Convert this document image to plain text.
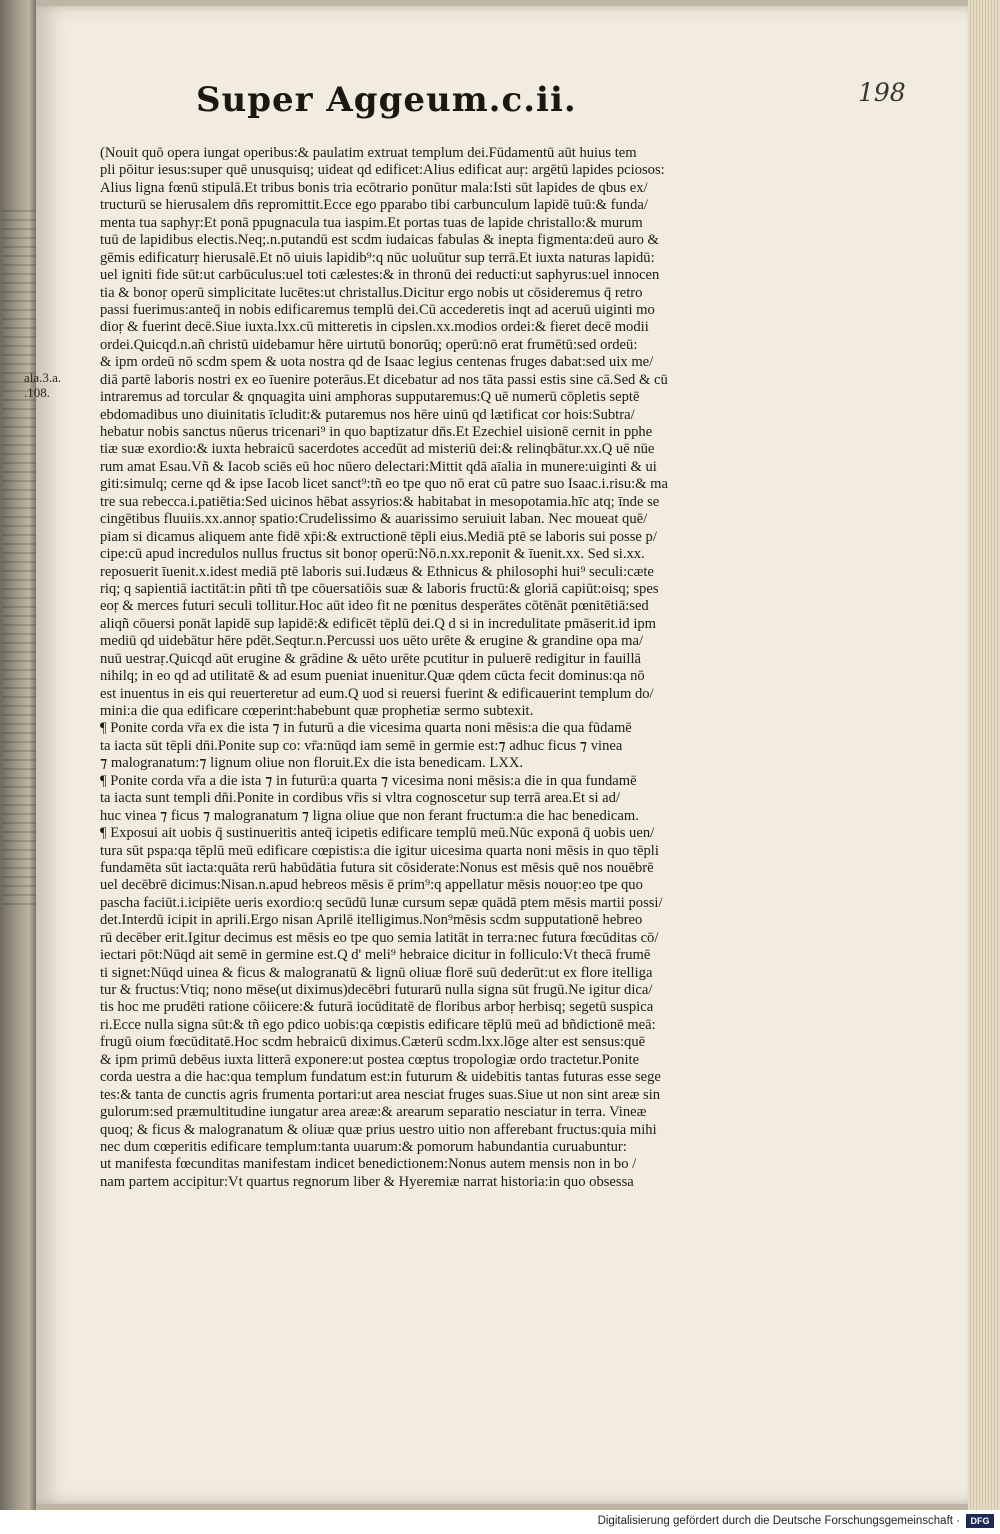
ala.3.a.
.108.
Super Aggeum.c.ii.	198
(Nouit quō opera iungat operibus:& paulatim extruat templum dei.Fūdamentū aūt huius tem
pli pōitur iesus:super quē unusquisq; uideat qd edificet:Alius edificat auṛ: argētū lapides pciosos:
Alius ligna fœnū stipulā.Et tribus bonis tria ecōtrario ponūtur mala:Isti sūt lapides de qbus ex/
tructurū se hierusalem dn̄s repromittit.Ecce ego pparabo tibi carbunculum lapidē tuū:& funda/
menta tua saphyṛ:Et ponā ppugnacula tua iaspim.Et portas tuas de lapide christallo:& murum
tuū de lapidibus electis.Neq;.n.putandū est scdm iudaicas fabulas & inepta figmenta:deū auro &
gēmis edificaturṛ hierusalē.Et nō uiuis lapidib⁹:q nūc uoluūtur sup terrā.Et iuxta naturas lapidū:
uel igniti fide sūt:ut carbūculus:uel toti cælestes:& in thronū dei reducti:ut saphyrus:uel innocen
tia & bonoṛ operū simplicitate lucētes:ut christallus.Dicitur ergo nobis ut cōsideremus q̄ retro
passi fuerimus:anteq̄ in nobis edificaremus templū dei.Cū accederetis inqt ad aceruū uiginti mo
dioṛ & fuerint decē.Siue iuxta.lxx.cū mitteretis in cipslen.xx.modios ordei:& fieret decē modii
ordei.Quicqd.n.añ christū uidebamur hēre uirtutū bonorūq; operū:nō erat frumētū:sed ordeū:
& ipm ordeū nō scdm spem & uota nostra qd̄ de Isaac legius centenas fruges dabat:sed uix me/
diā partē laboris nostri ex eo īuenire poterāus.Et dicebatur ad nos tāta passi estis sine cā.Sed & cū
intraremus ad torcular & qnquagita uini amphoras supputaremus:Q uē numerū cōpletis septē
ebdomadibus uno diuinitatis īcludit:& putaremus nos hēre uinū qd̄ lætificat cor hois:Subtra/
hebatur nobis sanctus nūerus tricenari⁹ in quo baptizatur dn̄s.Et Ezechiel uisionē cernit in pphe
tiæ suæ exordio:& iuxta hebraicū sacerdotes accedūt ad misteriū dei:& relinqbātur.xx.Q uē nūe
rum amat Esau.Vñ & Iacob sciēs eū hoc nūero delectari:Mittit qdā aīalia in munere:uiginti & ui
giti:simulq; cerne qd & ipse Iacob licet sanct⁹:tñ eo tpe quo nō erat cū patre suo Isaac.i.risu:& ma
tre sua rebecca.i.patiētia:Sed uicinos hēbat assyrios:& habitabat in mesopotamia.hīc atq; īnde se
cingētibus fluuiis.xx.annoṛ spatio:Crudelissimo & auarissimo seruiuit laban. Nec moueat quē/
piam si dicamus aliquem ante fidē xp̄i:& extructionē tēpli eius.Mediā ptē se laboris sui posse p/
cipe:cū apud incredulos nullus fructus sit bonoṛ operū:Nō.n.xx.reponit & īuenit.xx. Sed si.xx.
reposuerit īuenit.x.idest mediā ptē laboris sui.Iudæus & Ethnicus & philosophi hui⁹ seculi:cæte
riq; q sapientiā iactitāt:in pñti tñ tpe cōuersatiōis suæ & laboris fructū:& gloriā capiūt:oisq; spes
eoṛ & merces futuri seculi tollitur.Hoc aūt ideo fit ne pœnitus desperātes cōtēnāt pœnitētiā:sed
aliqñ cōuersi ponāt lapidē sup lapidē:& edificēt tēplū dei.Q d si in incredulitate pmāserit.id ipm
mediū qd̄ uidebātur hēre pdēt.Seqtur.n.Percussi uos uēto urēte & erugine & grandine opa ma/
nuū uestraṛ.Quicqd aūt erugine & grādine & uēto urēte pcutitur in puluerē redigitur in fauillā
nihilq; in eo qd̄ ad utilitatē & ad esum pueniat inuenitur.Quæ qdem cūcta fecit dominus:qa nō
est inuentus in eis qui reuerteretur ad eum.Q uod si reuersi fuerint & edificauerint templum do/
mini:a die qua edificare cœperint:habebunt quæ prophetiæ sermo subtexit.
¶ Ponite corda vr̄a ex die ista ⁊ in futurū a die vicesima quarta noni mēsis:a die qua fūdamē
ta iacta sūt tēpli dn̄i.Ponite sup co: vr̄a:nūqd iam semē in germie est:⁊ adhuc ficus ⁊ vinea
⁊ malogranatum:⁊ lignum oliue non floruit.Ex die ista benedicam. LXX.
¶ Ponite corda vr̄a a die ista ⁊ in futurū:a quarta ⁊ vicesima noni mēsis:a die in qua fundamē
ta iacta sunt templi dn̄i.Ponite in cordibus vr̄is si vltra cognoscetur sup terrā area.Et si ad/
huc vinea ⁊ ficus ⁊ malogranatum ⁊ ligna oliue que non ferant fructum:a die hac benedicam.
¶ Exposui ait uobis q̄ sustinueritis anteq̄ icipetis edificare templū meū.Nūc exponā q̄ uobis uen/
tura sūt pspa:qa tēplū meū edificare cœpistis:a die igitur uicesima quarta noni mēsis in quo tēpli
fundamēta sūt iacta:quāta rerū habūdātia futura sit cōsiderate:Nonus est mēsis quē nos nouēbrē
uel decēbrē dicimus:Nisan.n.apud hebreos mēsis ē prim⁹:q appellatur mēsis nouoṛ:eo tpe quo
pascha faciūt.i.icipiēte ueris exordio:q secūdū lunæ cursum sepæ quādā ptem mēsis martii possi/
det.Interdū icipit in aprili.Ergo nisan Aprilē itelligimus.Non⁹mēsis scdm supputationē hebreo
rū decēber erit.Igitur decimus est mēsis eo tpe quo semia latitāt in terra:nec futura fœcūditas cō/
iectari pōt:Nūqd ait semē in germine est.Q d' meli⁹ hebraice dicitur in folliculo:Vt thecā frumē
ti signet:Nūqd uinea & ficus & malogranatū & lignū oliuæ florē suū dederūt:ut ex flore itelliga
tur & fructus:Vtiq; nono mēse(ut diximus)decēbri futurarū nulla signa sūt frugū.Ne igitur dica/
tis hoc me prudēti ratione cōiicere:& futurā iocūditatē de floribus arboṛ herbisq; segetū suspica
ri.Ecce nulla signa sūt:& tñ ego pdico uobis:qa cœpistis edificare tēplū meū ad bñdictionē meā:
frugū oium fœcūditatē.Hoc scdm hebraicū diximus.Cæterū scdm.lxx.lōge alter est sensus:quē
& ipm primū debēus iuxta litterā exponere:ut postea cœptus tropologiæ ordo tractetur.Ponite
corda uestra a die hac:qua templum fundatum est:in futurum & uidebitis tantas futuras esse sege
tes:& tanta de cunctis agris frumenta portari:ut area nesciat fruges suas.Siue ut non sint areæ sin
gulorum:sed præmultitudine iungatur area areæ:& arearum separatio nesciatur in terra. Vineæ
quoq; & ficus & malogranatum & oliuæ quæ prius uestro uitio non afferebant fructus:quia mihi
nec dum cœperitis edificare templum:tanta uuarum:& pomorum habundantia curuabuntur:
ut manifesta fœcunditas manifestam indicet benedictionem:Nonus autem mensis non in bo /
nam partem accipitur:Vt quartus regnorum liber & Hyeremiæ narrat historia:in quo obsessa
Digitalisierung gefördert durch die Deutsche Forschungsgemeinschaft ·	DFG
